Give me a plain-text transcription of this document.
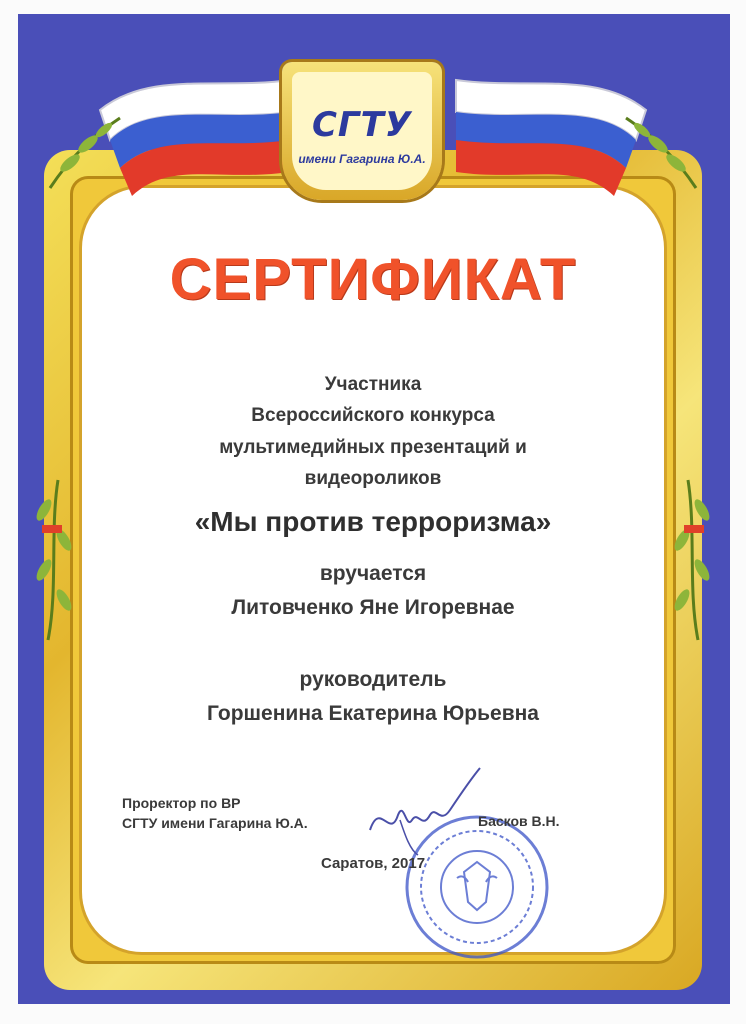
СГТУ
имени Гагарина Ю.А.
СЕРТИФИКАТ
Участника
Всероссийского конкурса
мультимедийных презентаций и
видеороликов
«Мы против терроризма»
вручается
Литовченко Яне Игоревнае
руководитель
Горшенина Екатерина Юрьевна
Проректор по ВР
СГТУ имени Гагарина Ю.А.	Басков В.Н.
Саратов, 2017
